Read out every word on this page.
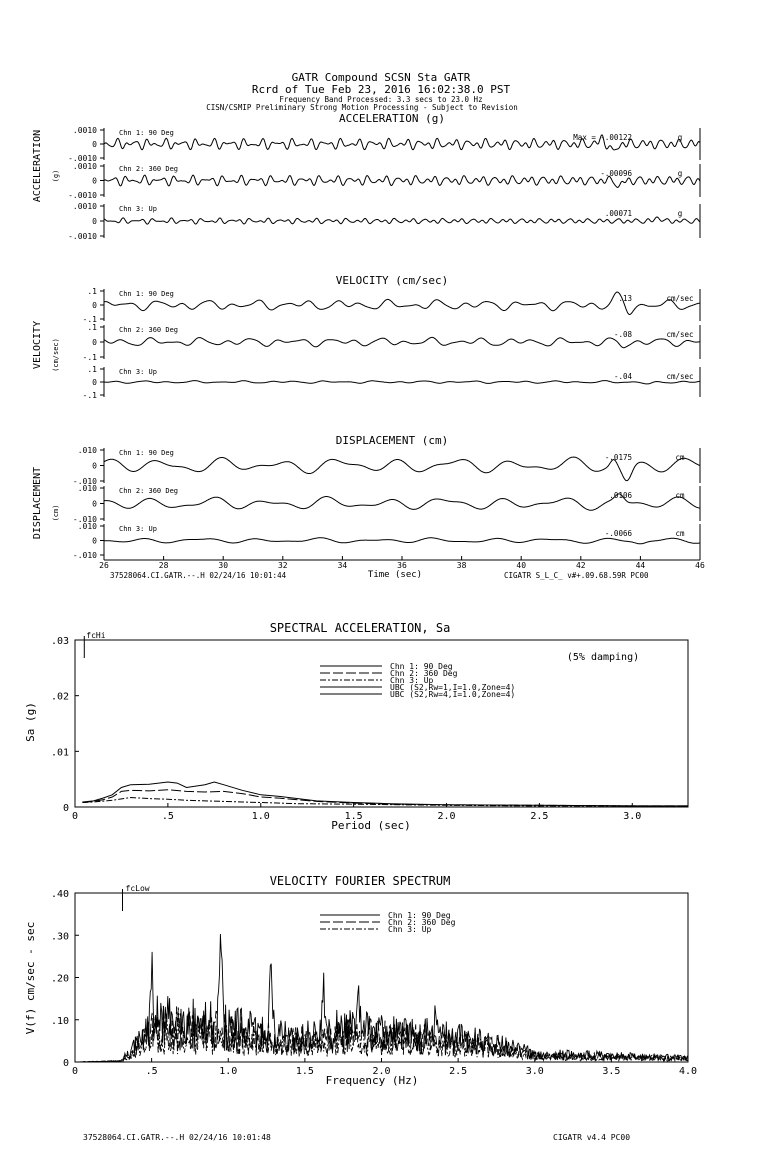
GATR Compound SCSN Sta GATR
Rcrd of Tue Feb 23, 2016 16:02:38.0 PST
Frequency Band Processed: 3.3 secs to 23.0 Hz
CISN/CSMIP Preliminary Strong Motion Processing - Subject to Revision
ACCELERATION (g)
ACCELERATION (g)
.0010
0
-.0010
Chn 1: 90 Deg	Max = -.00122	g
.0010
0
-.0010
Chn 2: 360 Deg	-.00096	g
.0010
0
-.0010
Chn 3: Up	.00071	g
VELOCITY (cm/sec)
VELOCITY (cm/sec)
.1
0
-.1
Chn 1: 90 Deg	.13	cm/sec
.1
0
-.1
Chn 2: 360 Deg	-.08	cm/sec
.1
0
-.1
Chn 3: Up	-.04	cm/sec
DISPLACEMENT (cm)
DISPLACEMENT (cm)
.010
0
-.010
Chn 1: 90 Deg	-.0175	cm
.010
0
-.010
Chn 2: 360 Deg	.0106	cm
.010
0
-.010
Chn 3: Up	-.0066	cm
26	28	30	32	34	36	38	40	42	44	46
Time (sec)
SPECTRAL ACCELERATION, Sa
(5% damping)
0
.01
.02
.03
0	.5	1.0	1.5	2.0	2.5	3.0
Period (sec)
Sa (g)
fcHi
Chn 1: 90 Deg
Chn 2: 360 Deg
Chn 3: Up
UBC (S2,Rw=1,I=1.0,Zone=4)
UBC (S2,Rw=4,I=1.0,Zone=4)
VELOCITY FOURIER SPECTRUM
0
.10
.20
.30
.40
0	.5	1.0	1.5	2.0	2.5	3.0	3.5	4.0
Frequency (Hz)
V(f) cm/sec - sec
fcLow
Chn 1: 90 Deg
Chn 2: 360 Deg
Chn 3: Up
37528064.CI.GATR.--.H 02/24/16 10:01:44	CIGATR S_L_C_ v#+.09.68.59R PC00
37528064.CI.GATR.--.H 02/24/16 10:01:48	CIGATR v4.4 PC00
